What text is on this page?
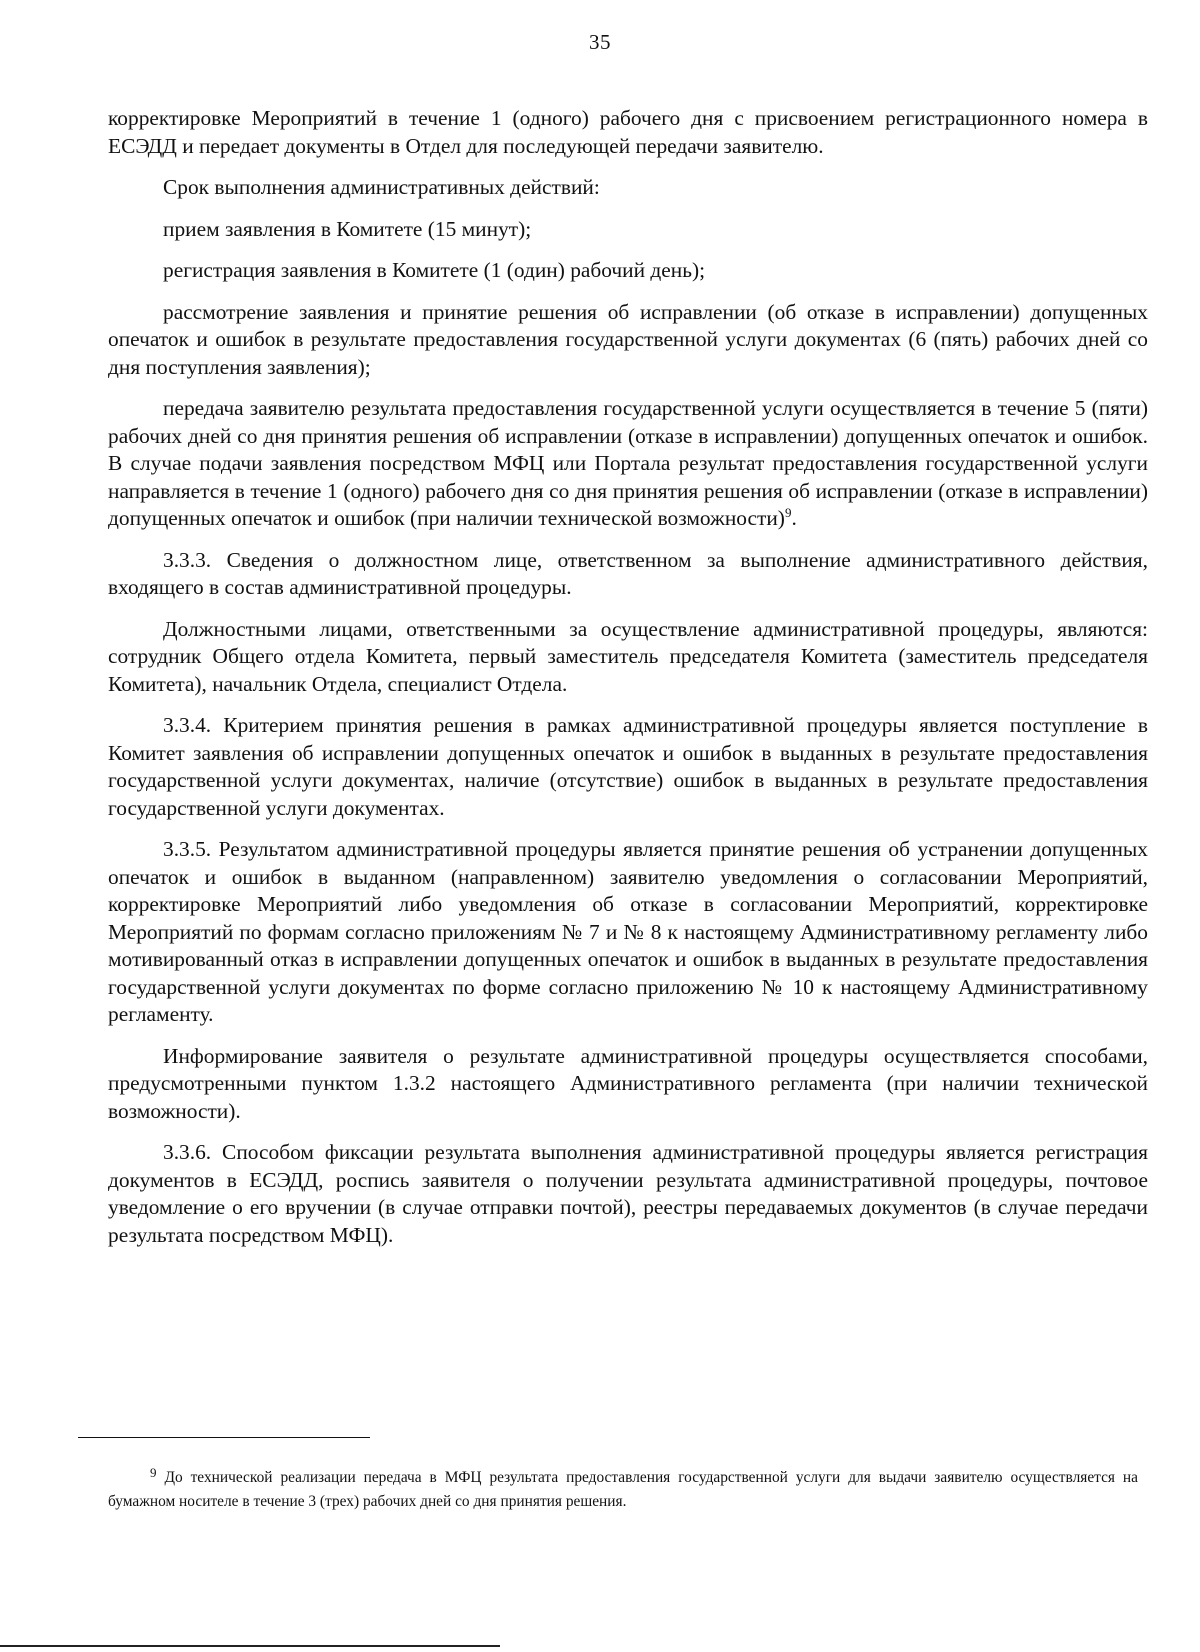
35

корректировке Мероприятий в течение 1 (одного) рабочего дня с присвоением регистрационного номера в ЕСЭДД и передает документы в Отдел для последующей передачи заявителю.

Срок выполнения административных действий:

прием заявления в Комитете (15 минут);

регистрация заявления в Комитете (1 (один) рабочий день);

рассмотрение заявления и принятие решения об исправлении (об отказе в исправлении) допущенных опечаток и ошибок в результате предоставления государственной услуги документах (6 (пять) рабочих дней со дня поступления заявления);

передача заявителю результата предоставления государственной услуги осуществляется в течение 5 (пяти) рабочих дней со дня принятия решения об исправлении (отказе в исправлении) допущенных опечаток и ошибок. В случае подачи заявления посредством МФЦ или Портала результат предоставления государственной услуги направляется в течение 1 (одного) рабочего дня со дня принятия решения об исправлении (отказе в исправлении) допущенных опечаток и ошибок (при наличии технической возможности)$^9$.

3.3.3. Сведения о должностном лице, ответственном за выполнение административного действия, входящего в состав административной процедуры.

Должностными лицами, ответственными за осуществление административной процедуры, являются: сотрудник Общего отдела Комитета, первый заместитель председателя Комитета (заместитель председателя Комитета), начальник Отдела, специалист Отдела.

3.3.4. Критерием принятия решения в рамках административной процедуры является поступление в Комитет заявления об исправлении допущенных опечаток и ошибок в выданных в результате предоставления государственной услуги документах, наличие (отсутствие) ошибок в выданных в результате предоставления государственной услуги документах.

3.3.5. Результатом административной процедуры является принятие решения об устранении допущенных опечаток и ошибок в выданном (направленном) заявителю уведомления о согласовании Мероприятий, корректировке Мероприятий либо уведомления об отказе в согласовании Мероприятий, корректировке Мероприятий по формам согласно приложениям № 7 и № 8 к настоящему Административному регламенту либо мотивированный отказ в исправлении допущенных опечаток и ошибок в выданных в результате предоставления государственной услуги документах по форме согласно приложению № 10 к настоящему Административному регламенту.

Информирование заявителя о результате административной процедуры осуществляется способами, предусмотренными пунктом 1.3.2 настоящего Административного регламента (при наличии технической возможности).

3.3.6. Способом фиксации результата выполнения административной процедуры является регистрация документов в ЕСЭДД, роспись заявителя о получении результата административной процедуры, почтовое уведомление о его вручении (в случае отправки почтой), реестры передаваемых документов (в случае передачи результата посредством МФЦ).

$^9$ До технической реализации передача в МФЦ результата предоставления государственной услуги для выдачи заявителю осуществляется на бумажном носителе в течение 3 (трех) рабочих дней со дня принятия решения.
